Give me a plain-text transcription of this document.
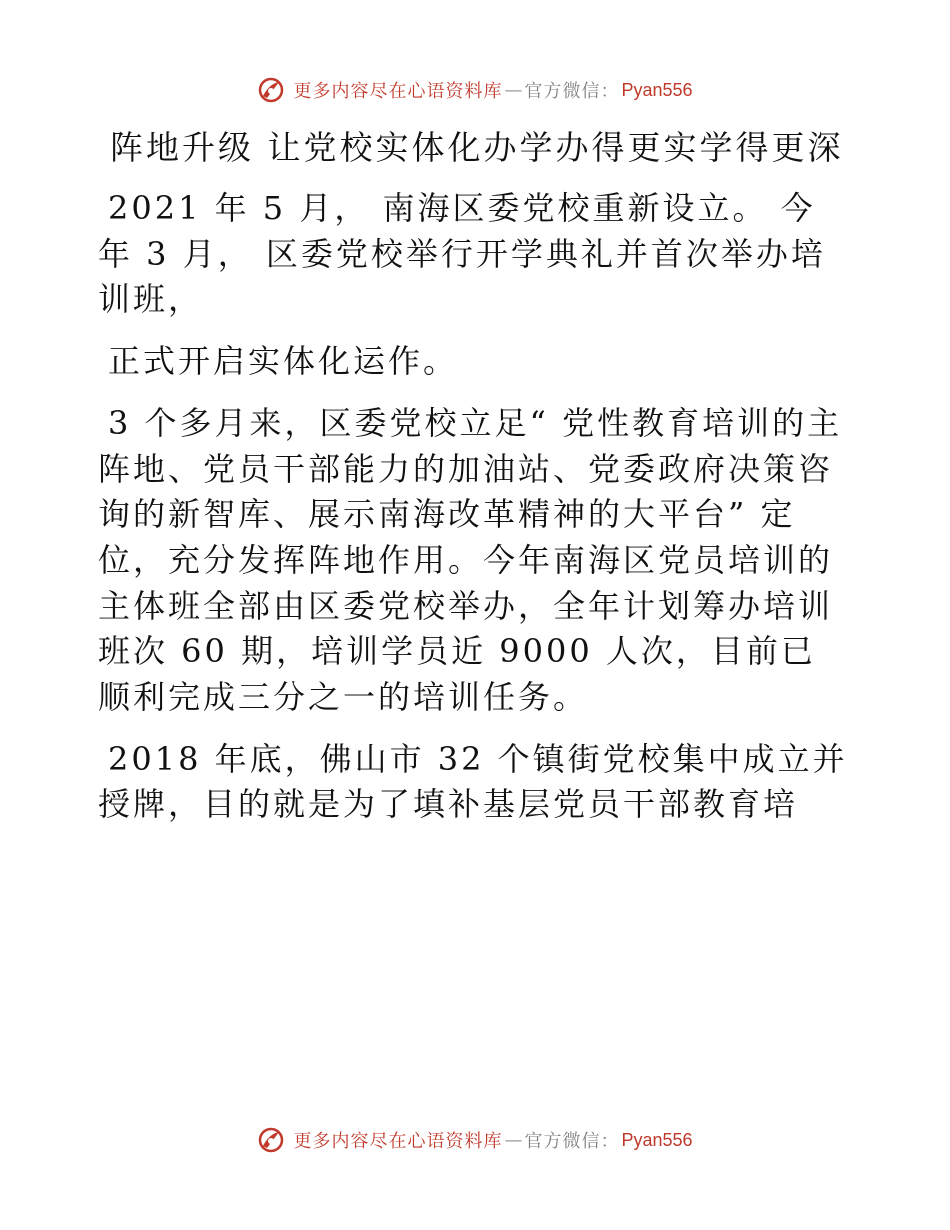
更多内容尽在心语资料库 — 官方微信： Pyan556
阵地升级 让党校实体化办学办得更实学得更深

2021 年 5 月， 南海区委党校重新设立。 今年 3 月， 区委党校举行开学典礼并首次举办培训班，

正式开启实体化运作。

3 个多月来，区委党校立足“ 党性教育培训的主阵地、党员干部能力的加油站、党委政府决策咨询的新智库、展示南海改革精神的大平台” 定位，充分发挥阵地作用。今年南海区党员培训的主体班全部由区委党校举办，全年计划筹办培训班次 60 期，培训学员近 9000 人次，目前已顺利完成三分之一的培训任务。

2018 年底，佛山市 32 个镇街党校集中成立并授牌，目的就是为了填补基层党员干部教育培

更多内容尽在心语资料库 — 官方微信： Pyan556
